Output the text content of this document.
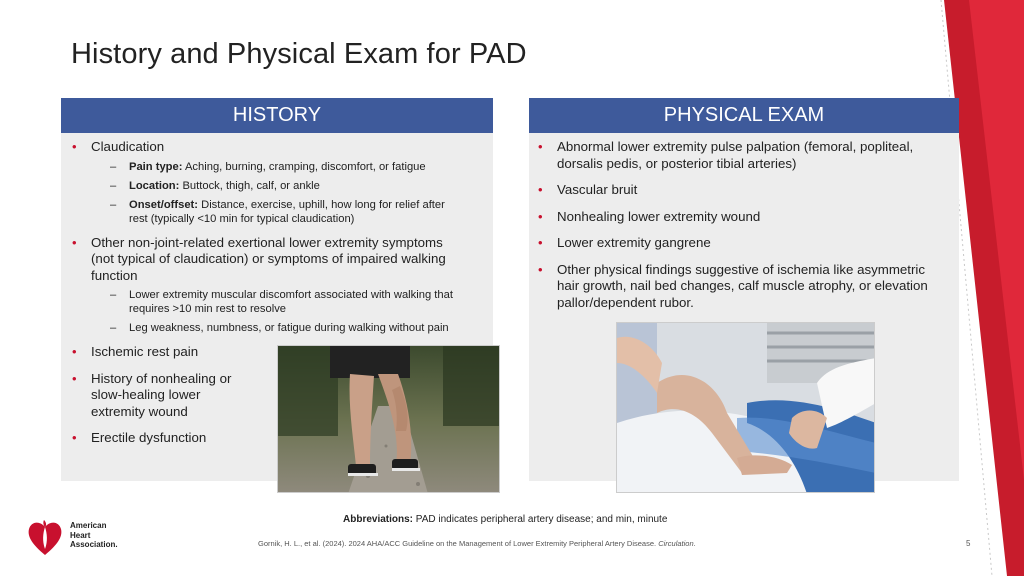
History and Physical Exam for PAD
HISTORY
• Claudication
– Pain type: Aching, burning, cramping, discomfort, or fatigue
– Location: Buttock, thigh, calf, or ankle
– Onset/offset: Distance, exercise, uphill, how long for relief after rest (typically <10 min for typical claudication)
• Other non-joint-related exertional lower extremity symptoms (not typical of claudication) or symptoms of impaired walking function
– Lower extremity muscular discomfort associated with walking that requires >10 min rest to resolve
– Leg weakness, numbness, or fatigue during walking without pain
• Ischemic rest pain
• History of nonhealing or slow-healing lower extremity wound
• Erectile dysfunction
PHYSICAL EXAM
• Abnormal lower extremity pulse palpation (femoral, popliteal, dorsalis pedis, or posterior tibial arteries)
• Vascular bruit
• Nonhealing lower extremity wound
• Lower extremity gangrene
• Other physical findings suggestive of ischemia like asymmetric hair growth, nail bed changes, calf muscle atrophy, or elevation pallor/dependent rubor.
Abbreviations: PAD indicates peripheral artery disease; and min, minute
Gornik, H. L., et al. (2024). 2024 AHA/ACC Guideline on the Management of Lower Extremity Peripheral Artery Disease. Circulation.	5
American
Heart
Association.
